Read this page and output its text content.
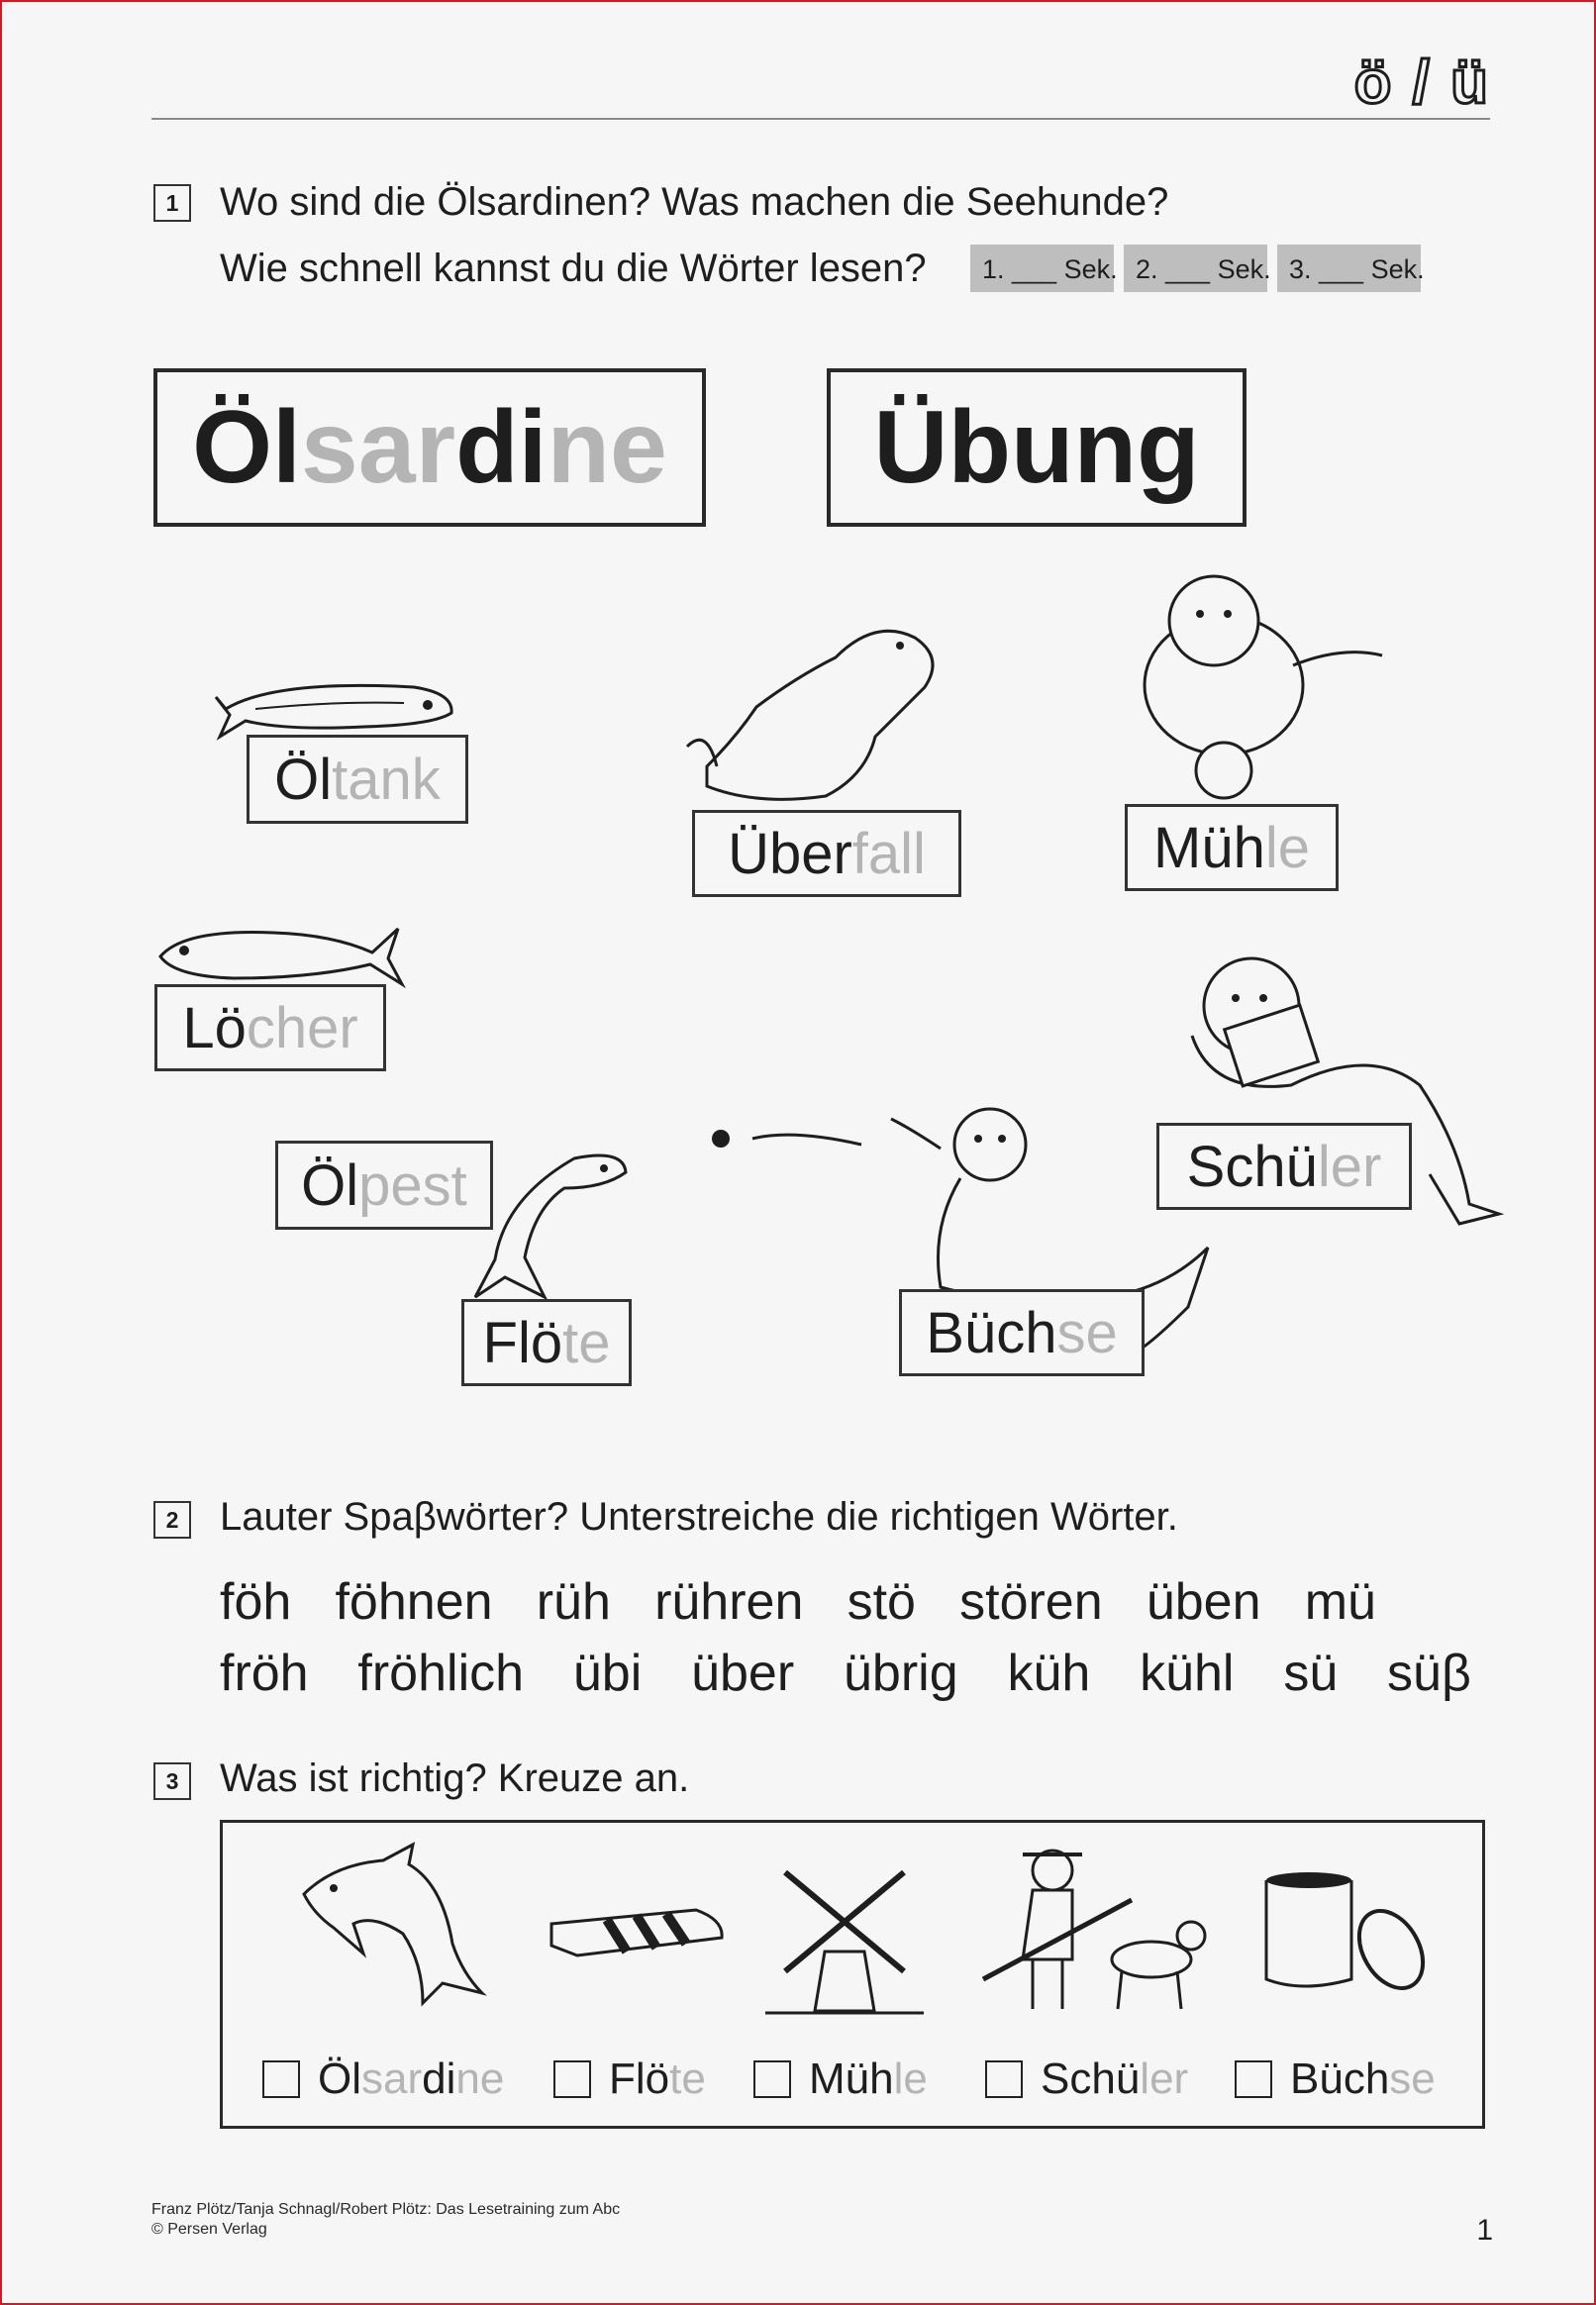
ö / ü
1	Wo sind die Ölsardinen? Was machen die Seehunde?
Wie schnell kannst du die Wörter lesen?	1. ___ Sek. 2. ___ Sek. 3. ___ Sek.
Öl sar di ne Übung
Öl tank
Über fall	Müh le
Lö cher
Öl pest
Flö te	Büch se
Schü ler
2	Lauter Spaβwörter? Unterstreiche die richtigen Wörter.
föh föhnen rüh rühren stö stören üben mü
fröh fröhlich übi über übrig küh kühl sü süβ
3	Was ist richtig? Kreuze an.
Öl sar di ne Flö te Müh le	Schü ler Büch se
Franz Plötz/Tanja Schnagl/Robert Plötz: Das Lesetraining zum Abc
© Persen Verlag	1
